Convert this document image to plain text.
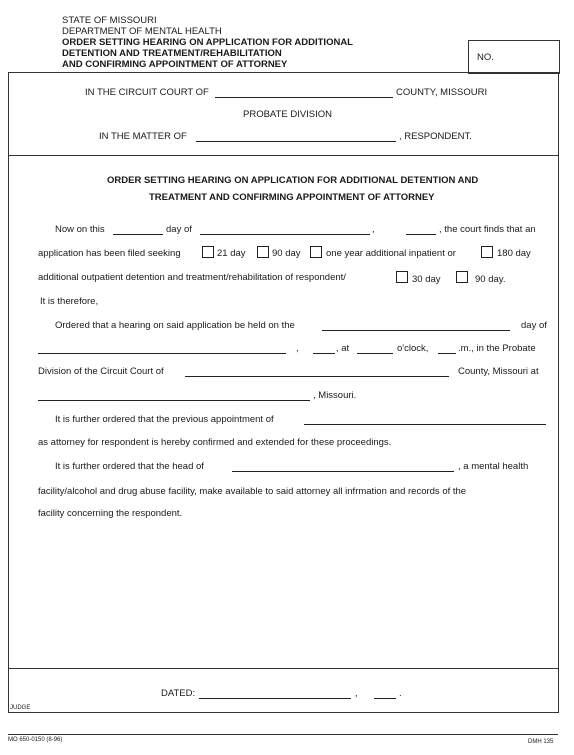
STATE OF MISSOURI
DEPARTMENT OF MENTAL HEALTH
ORDER SETTING HEARING ON APPLICATION FOR ADDITIONAL
DETENTION AND TREATMENT/REHABILITATION
AND CONFIRMING APPOINTMENT OF ATTORNEY
NO.
IN THE CIRCUIT COURT OF	COUNTY, MISSOURI
PROBATE DIVISION
IN THE MATTER OF	, RESPONDENT.
ORDER SETTING HEARING ON APPLICATION FOR ADDITIONAL DETENTION AND
TREATMENT AND CONFIRMING APPOINTMENT OF ATTORNEY
Now on this	day of	,	, the court finds that an
application has been filed seeking	21 day	90 day	one year additional inpatient or	180 day
additional outpatient detention and treatment/rehabilitation of respondent/	30 day	90 day.
It is therefore,
Ordered that a hearing on said application be held on the	day of
,	, at	o'clock,	.m., in the Probate
Division of the Circuit Court of	County, Missouri at
, Missouri.
It is further ordered that the previous appointment of
as attorney for respondent is hereby confirmed and extended for these proceedings.
It is further ordered that the head of	, a mental health
facility/alcohol and drug abuse facility, make available to said attorney all infrmation and records of the
facility concerning the respondent.
DATED:	,	.
JUDGE
MO 650-0150 (8-96)	DMH 135
